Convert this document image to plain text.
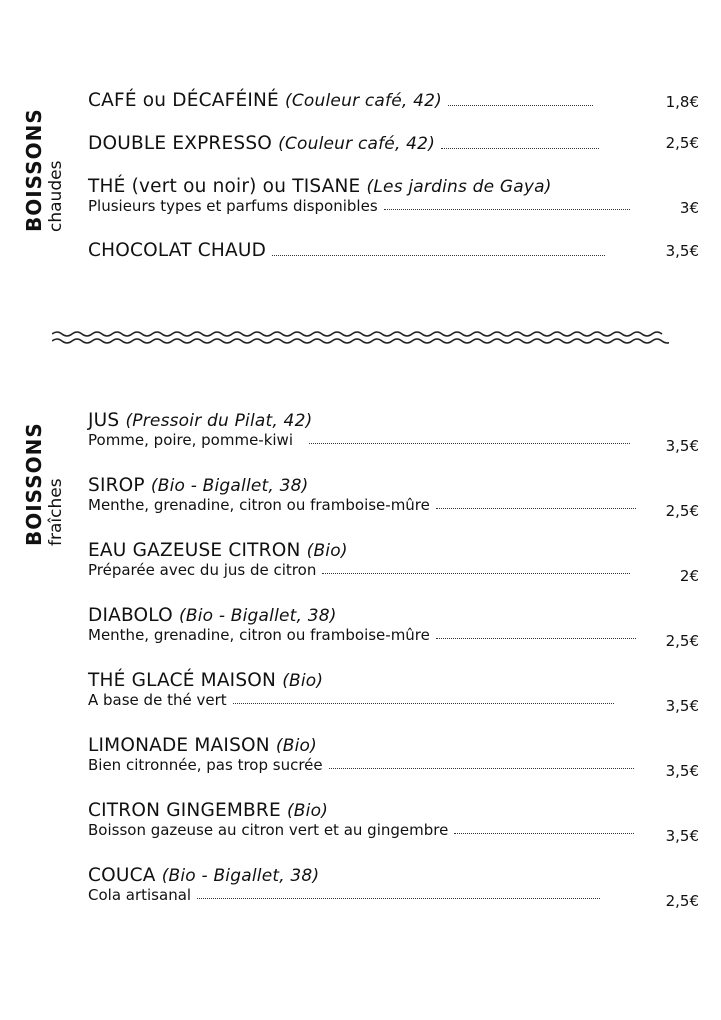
BOISSONS chaudes
BOISSONS fraîches
CAFÉ ou DÉCAFÉINÉ (Couleur café, 42)	1,8€
DOUBLE EXPRESSO (Couleur café, 42)	2,5€
THÉ (vert ou noir) ou TISANE (Les jardins de Gaya)
Plusieurs types et parfums disponibles	3€
CHOCOLAT CHAUD	3,5€
JUS (Pressoir du Pilat, 42)
Pomme, poire, pomme-kiwi	3,5€
SIROP (Bio - Bigallet, 38)
Menthe, grenadine, citron ou framboise-mûre	2,5€
EAU GAZEUSE CITRON (Bio)
Préparée avec du jus de citron	2€
DIABOLO (Bio - Bigallet, 38)
Menthe, grenadine, citron ou framboise-mûre	2,5€
THÉ GLACÉ MAISON (Bio)
A base de thé vert	3,5€
LIMONADE MAISON (Bio)
Bien citronnée, pas trop sucrée	3,5€
CITRON GINGEMBRE (Bio)
Boisson gazeuse au citron vert et au gingembre	3,5€
COUCA (Bio - Bigallet, 38)
Cola artisanal	2,5€
